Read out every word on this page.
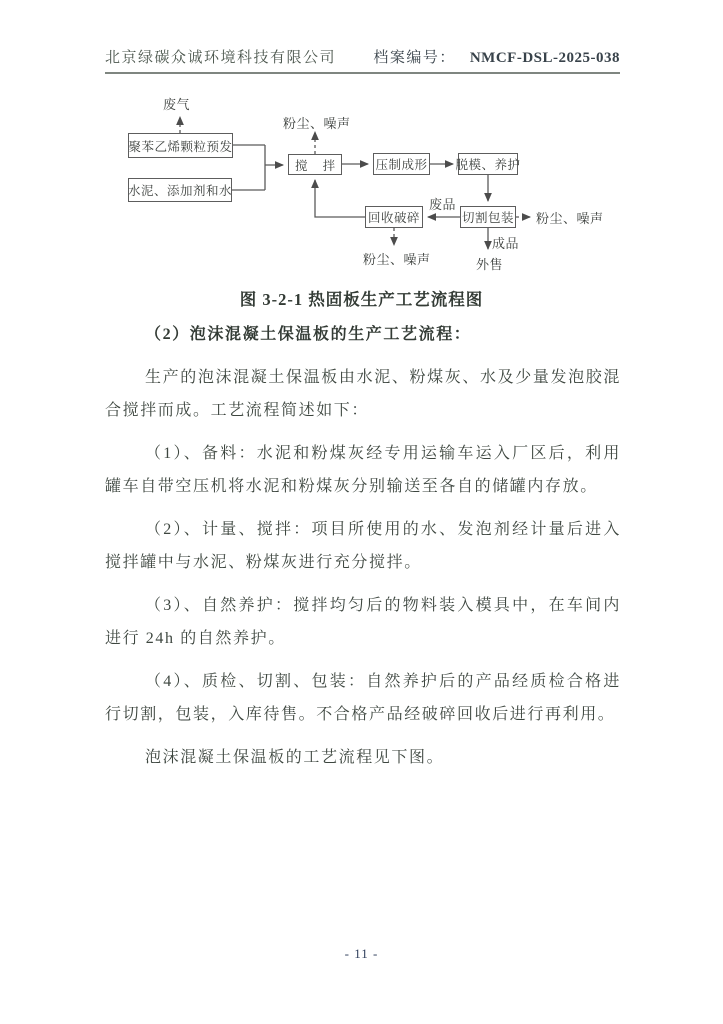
北京绿碳众诚环境科技有限公司 档案编号： NMCF-DSL-2025-038
聚苯乙烯颗粒预发
水泥、添加剂和水
搅 拌	压制成形 脱模、养护
回收破碎	切割包装
废气
粉尘、噪声
废品
粉尘、噪声
成品
外售
粉尘、噪声
图 3-2-1 热固板生产工艺流程图

（2）泡沫混凝土保温板的生产工艺流程：

生产的泡沫混凝土保温板由水泥、粉煤灰、水及少量发泡胶混合搅拌而成。工艺流程简述如下：

（1）、备料：水泥和粉煤灰经专用运输车运入厂区后，利用罐车自带空压机将水泥和粉煤灰分别输送至各自的储罐内存放。

（2）、计量、搅拌：项目所使用的水、发泡剂经计量后进入搅拌罐中与水泥、粉煤灰进行充分搅拌。

（3）、自然养护：搅拌均匀后的物料装入模具中，在车间内进行 24h 的自然养护。

（4）、质检、切割、包装：自然养护后的产品经质检合格进行切割，包装，入库待售。不合格产品经破碎回收后进行再利用。

泡沫混凝土保温板的工艺流程见下图。

- 11 -
